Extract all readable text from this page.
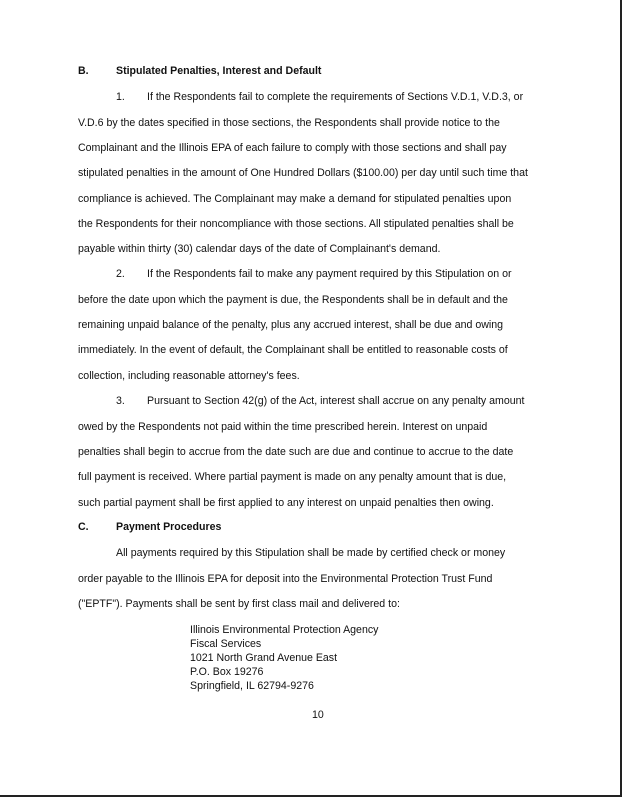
B.	Stipulated Penalties, Interest and Default
1. If the Respondents fail to complete the requirements of Sections V.D.1, V.D.3, or
V.D.6 by the dates specified in those sections, the Respondents shall provide notice to the
Complainant and the Illinois EPA of each failure to comply with those sections and shall pay
stipulated penalties in the amount of One Hundred Dollars ($100.00) per day until such time that
compliance is achieved. The Complainant may make a demand for stipulated penalties upon
the Respondents for their noncompliance with those sections. All stipulated penalties shall be
payable within thirty (30) calendar days of the date of Complainant's demand.
2. If the Respondents fail to make any payment required by this Stipulation on or
before the date upon which the payment is due, the Respondents shall be in default and the
remaining unpaid balance of the penalty, plus any accrued interest, shall be due and owing
immediately. In the event of default, the Complainant shall be entitled to reasonable costs of
collection, including reasonable attorney's fees.
3. Pursuant to Section 42(g) of the Act, interest shall accrue on any penalty amount
owed by the Respondents not paid within the time prescribed herein. Interest on unpaid
penalties shall begin to accrue from the date such are due and continue to accrue to the date
full payment is received. Where partial payment is made on any penalty amount that is due,
such partial payment shall be first applied to any interest on unpaid penalties then owing.
C.	Payment Procedures
All payments required by this Stipulation shall be made by certified check or money
order payable to the Illinois EPA for deposit into the Environmental Protection Trust Fund
("EPTF"). Payments shall be sent by first class mail and delivered to:
Illinois Environmental Protection Agency
Fiscal Services
1021 North Grand Avenue East
P.O. Box 19276
Springfield, IL 62794-9276
10
